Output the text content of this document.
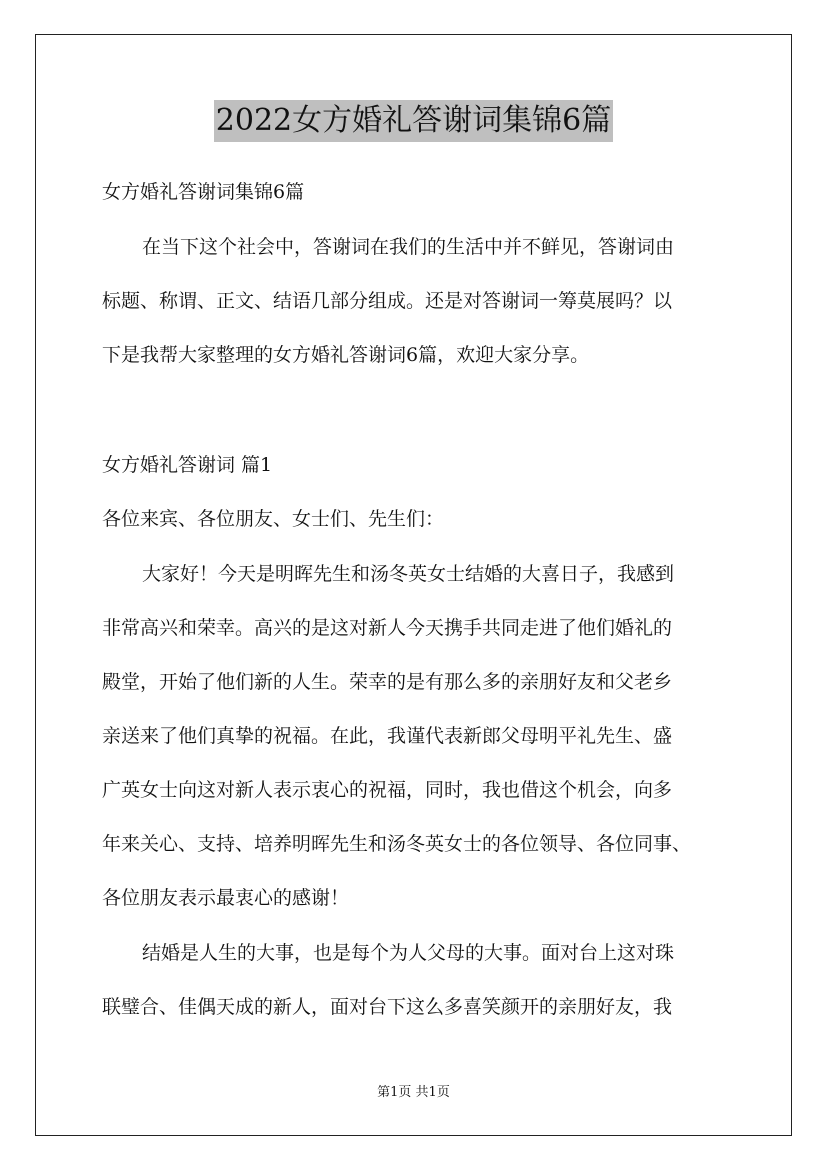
2022女方婚礼答谢词集锦6篇

女方婚礼答谢词集锦6篇

在当下这个社会中，答谢词在我们的生活中并不鲜见，答谢词由

标题、称谓、正文、结语几部分组成。还是对答谢词一筹莫展吗？以

下是我帮大家整理的女方婚礼答谢词6篇，欢迎大家分享。

女方婚礼答谢词 篇1

各位来宾、各位朋友、女士们、先生们：

大家好！今天是明晖先生和汤冬英女士结婚的大喜日子，我感到

非常高兴和荣幸。高兴的是这对新人今天携手共同走进了他们婚礼的

殿堂，开始了他们新的人生。荣幸的是有那么多的亲朋好友和父老乡

亲送来了他们真挚的祝福。在此，我谨代表新郎父母明平礼先生、盛

广英女士向这对新人表示衷心的祝福，同时，我也借这个机会，向多

年来关心、支持、培养明晖先生和汤冬英女士的各位领导、各位同事、

各位朋友表示最衷心的感谢！

结婚是人生的大事，也是每个为人父母的大事。面对台上这对珠

联璧合、佳偶天成的新人，面对台下这么多喜笑颜开的亲朋好友，我

第1页 共1页
